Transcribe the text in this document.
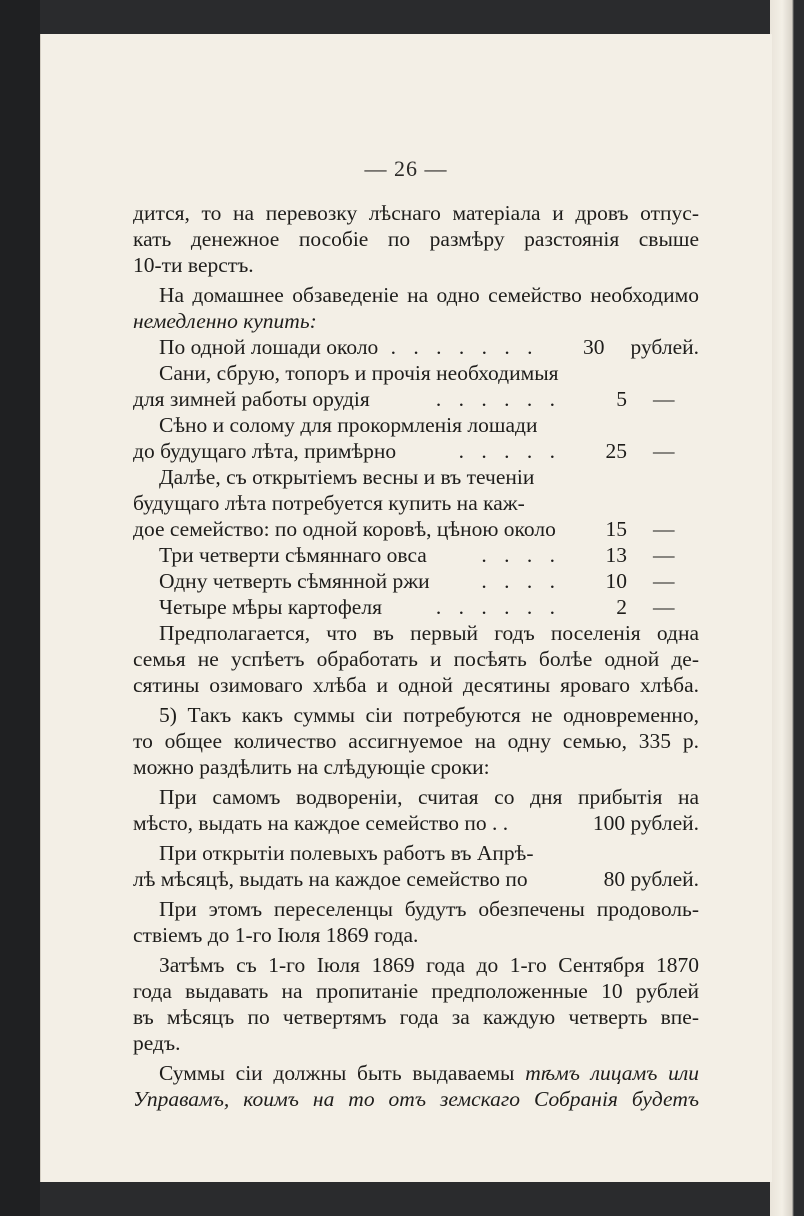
— 26 —
дится, то на перевозку лѣснаго матеріала и дровъ отпус-
кать денежное пособіе по размѣру разстоянія свыше
10-ти верстъ.
На домашнее обзаведеніе на одно семейство необходимо
немедленно купить:
По одной лошади около . . . . . . .	30	рублей.
Сани, сбрую, топоръ и прочія необходимыя
для зимней работы орудія	. . . . . .	5	—
Сѣно и солому для прокормленія лошади
до будущаго лѣта, примѣрно	. . . . .	25	—
Далѣе, съ открытіемъ весны и въ теченіи
будущаго лѣта потребуется купить на каж-
дое семейство: по одной коровѣ, цѣною около	15	—
Три четверти сѣмяннаго овса	. . . .	13	—
Одну четверть сѣмянной ржи	. . . .	10	—
Четыре мѣры картофеля	. . . . . .	2	—
Предполагается, что въ первый годъ поселенія одна
семья не успѣетъ обработать и посѣять болѣе одной де-
сятины озимоваго хлѣба и одной десятины яроваго хлѣба.
5) Такъ какъ суммы сіи потребуются не одновременно,
то общее количество ассигнуемое на одну семью, 335 р.
можно раздѣлить на слѣдующіе сроки:
При самомъ водвореніи, считая со дня прибытія на
мѣсто, выдать на каждое семейство по . .	100 рублей.
При открытіи полевыхъ работъ въ Апрѣ-
лѣ мѣсяцѣ, выдать на каждое семейство по	80 рублей.
При этомъ переселенцы будутъ обезпечены продоволь-
ствіемъ до 1-го Іюля 1869 года.
Затѣмъ съ 1-го Іюля 1869 года до 1-го Сентября 1870
года выдавать на пропитаніе предположенные 10 рублей
въ мѣсяцъ по четвертямъ года за каждую четверть впе-
редъ.
Суммы сіи должны быть выдаваемы тѣмъ лицамъ или
Управамъ, коимъ на то отъ земскаго Собранія будетъ
